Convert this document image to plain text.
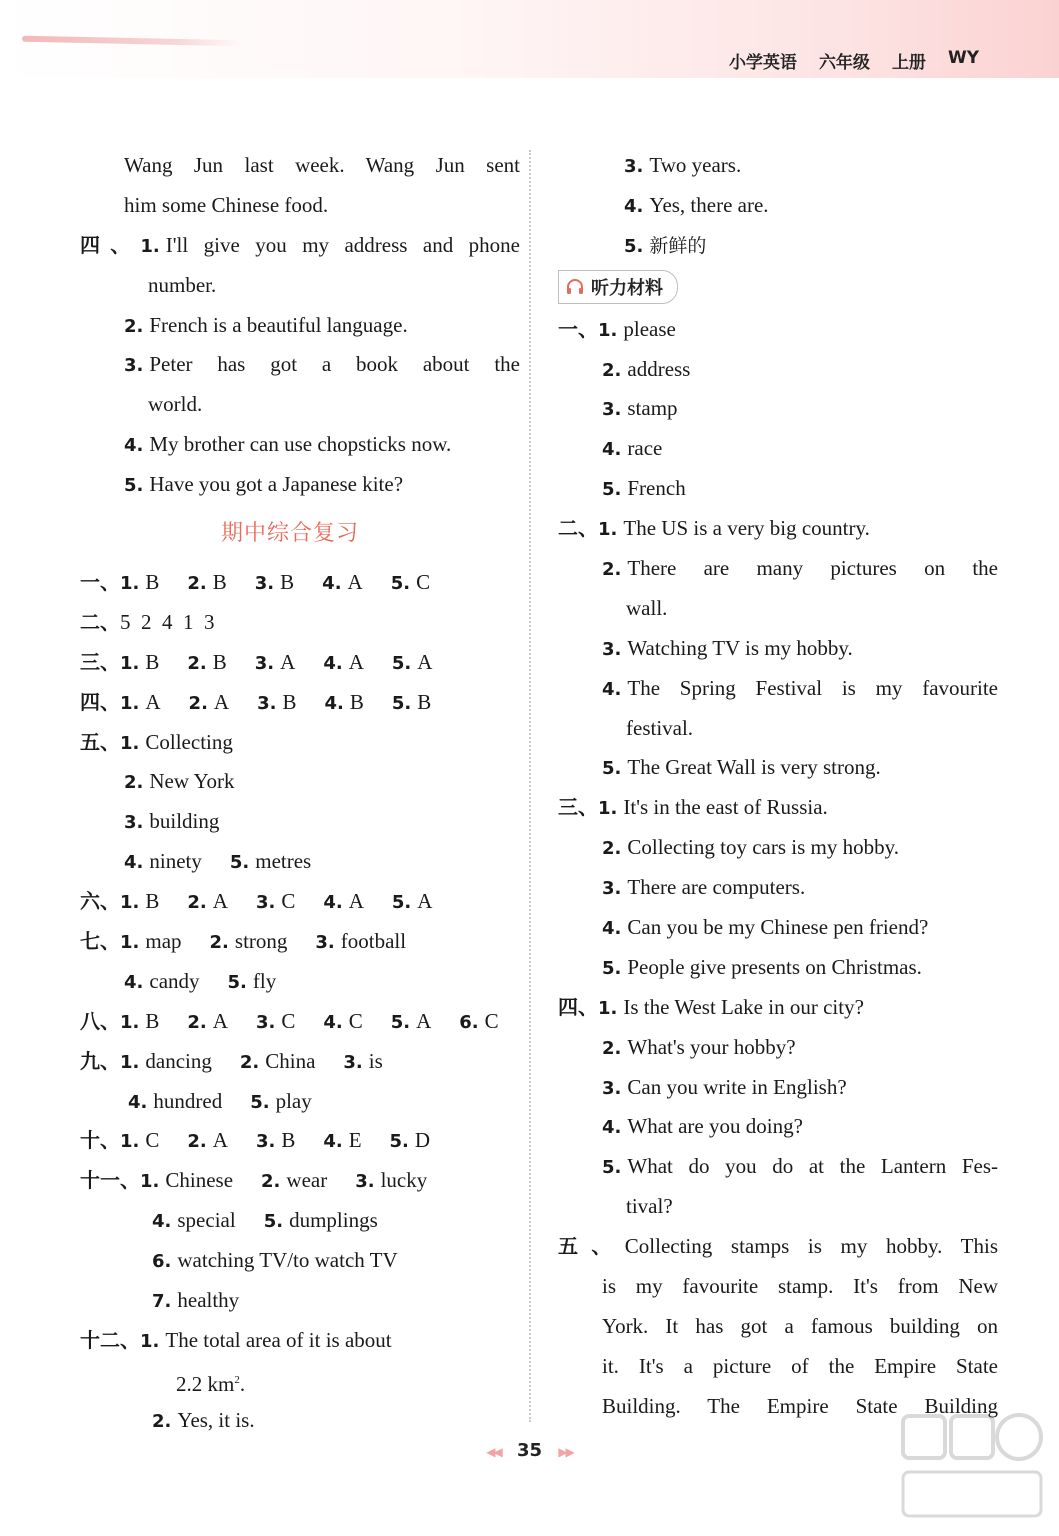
小学英语 六年级 上册 WY
Wang Jun last week. Wang Jun sent
him some Chinese food.
四、1. I'll give you my address and phone
number.
2. French is a beautiful language.
3. Peter has got a book about the
world.
4. My brother can use chopsticks now.
5. Have you got a Japanese kite?
期中综合复习
一、1. B 2. B 3. B 4. A 5. C
二、5  2  4  1  3
三、1. B 2. B 3. A 4. A 5. A
四、1. A 2. A 3. B 4. B 5. B
五、1. Collecting
2. New York
3. building
4. ninety 5. metres
六、1. B 2. A 3. C 4. A 5. A
七、1. map 2. strong 3. football
4. candy 5. fly
八、1. B 2. A 3. C 4. C 5. A 6. C
九、1. dancing 2. China 3. is
4. hundred 5. play
十、1. C 2. A 3. B 4. E 5. D
十一、1. Chinese 2. wear 3. lucky
4. special 5. dumplings
6. watching TV/to watch TV
7. healthy
十二、1. The total area of it is about
2.2 $km^2$.
2. Yes, it is.
3. Two years.
4. Yes, there are.
5. 新鲜的
听力材料
一、1. please
2. address
3. stamp
4. race
5. French
二、1. The US is a very big country.
2. There are many pictures on the
wall.
3. Watching TV is my hobby.
4. The Spring Festival is my favourite
festival.
5. The Great Wall is very strong.
三、1. It's in the east of Russia.
2. Collecting toy cars is my hobby.
3. There are computers.
4. Can you be my Chinese pen friend?
5. People give presents on Christmas.
四、1. Is the West Lake in our city?
2. What's your hobby?
3. Can you write in English?
4. What are you doing?
5. What do you do at the Lantern Fes-
tival?
五、Collecting stamps is my hobby. This
is my favourite stamp. It's from New
York. It has got a famous building on
it. It's a picture of the Empire State
Building. The Empire State Building
◀◀ 35 ▶▶
